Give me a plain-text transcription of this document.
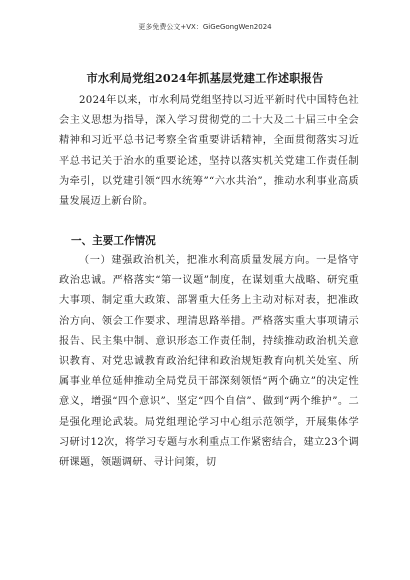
更多免费公文+VX：GiGeGongWen2024
市水利局党组2024年抓基层党建工作述职报告
2024年以来，市水利局党组坚持以习近平新时代中国特色社会主义思想为指导，深入学习贯彻党的二十大及二十届三中全会精神和习近平总书记考察全省重要讲话精神，全面贯彻落实习近平总书记关于治水的重要论述，坚持以落实机关党建工作责任制为牵引，以党建引领“四水统筹”“六水共治”，推动水利事业高质量发展迈上新台阶。
一、主要工作情况
（一）建强政治机关，把准水利高质量发展方向。一是恪守政治忠诚。严格落实“第一议题”制度，在谋划重大战略、研究重大事项、制定重大政策、部署重大任务上主动对标对表，把准政治方向、领会工作要求、理清思路举措。严格落实重大事项请示报告、民主集中制、意识形态工作责任制，持续推动政治机关意识教育、对党忠诚教育政治纪律和政治规矩教育向机关处室、所属事业单位延伸推动全局党员干部深刻领悟“两个确立”的决定性意义，增强“四个意识”、坚定“四个自信”、做到“两个维护”。二是强化理论武装。局党组理论学习中心组示范领学，开展集体学习研讨12次，将学习专题与水利重点工作紧密结合，建立23个调研课题，领题调研、寻计问策，切
